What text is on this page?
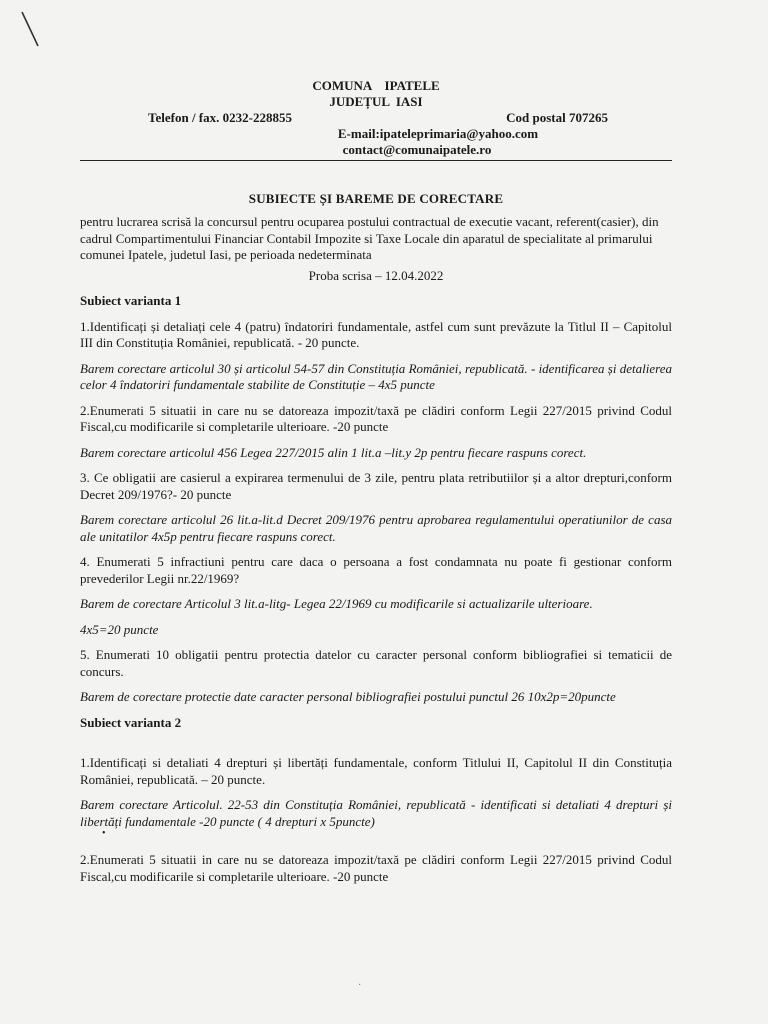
COMUNA    IPATELE
JUDEȚUL  IASI
Telefon / fax. 0232-228855	Cod postal 707265
E-mail:ipateleprimaria@yahoo.com
contact@comunaipatele.ro
SUBIECTE ȘI BAREME DE CORECTARE

pentru lucrarea scrisă la concursul pentru ocuparea postului contractual de executie vacant, referent(casier), din cadrul Compartimentului Financiar Contabil Impozite si Taxe Locale din aparatul de specialitate al primarului comunei Ipatele, judetul Iasi, pe perioada nedeterminata

Proba scrisa – 12.04.2022

Subiect varianta 1

1.Identificați și detaliați cele 4 (patru) îndatoriri fundamentale, astfel cum sunt prevăzute la Titlul II – Capitolul III din Constituția României, republicată. - 20 puncte.

Barem corectare articolul 30 și articolul 54-57 din Constituția României, republicată. - identificarea și detalierea celor 4 îndatoriri fundamentale stabilite de Constituție – 4x5 puncte

2.Enumerati 5 situatii in care nu se datoreaza impozit/taxă pe clădiri conform Legii 227/2015 privind Codul Fiscal,cu modificarile si completarile ulterioare. -20 puncte

Barem corectare articolul 456 Legea 227/2015 alin 1 lit.a –lit.y 2p pentru fiecare raspuns corect.

3. Ce obligatii are casierul a expirarea termenului de 3 zile, pentru plata retributiilor și a altor drepturi,conform Decret 209/1976?- 20 puncte

Barem corectare articolul 26 lit.a-lit.d Decret 209/1976 pentru aprobarea regulamentului operatiunilor de casa ale unitatilor 4x5p pentru fiecare raspuns corect.

4. Enumerati 5 infractiuni pentru care daca o persoana a fost condamnata nu poate fi gestionar conform prevederilor Legii nr.22/1969?

Barem de corectare Articolul 3 lit.a-litg- Legea 22/1969 cu modificarile si actualizarile ulterioare.

4x5=20 puncte

5. Enumerati 10 obligatii pentru protectia datelor cu caracter personal conform bibliografiei si tematicii de concurs.

Barem de corectare protectie date caracter personal bibliografiei postului punctul 26 10x2p=20puncte

Subiect varianta 2

1.Identificați si detaliati 4 drepturi și libertăți fundamentale, conform Titlului II, Capitolul II din Constituția României, republicată. – 20 puncte.

Barem corectare Articolul. 22-53 din Constituția României, republicată - identificati si detaliati 4 drepturi și libertăți fundamentale -20 puncte ( 4 drepturi x 5puncte)

•

2.Enumerati 5 situatii in care nu se datoreaza impozit/taxă pe clădiri conform Legii 227/2015 privind Codul Fiscal,cu modificarile si completarile ulterioare. -20 puncte

·
